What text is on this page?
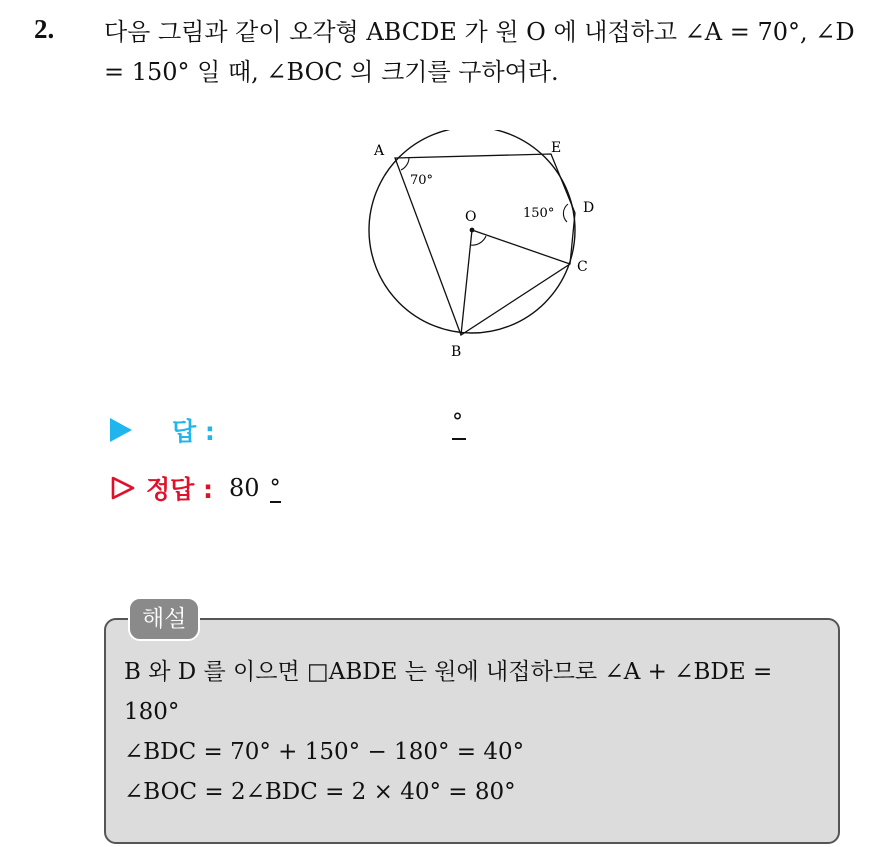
2. 다음 그림과 같이 오각형 ABCDE 가 원 O 에 내접하고 ∠A = 70°, ∠D = 150° 일 때, ∠BOC 의 크기를 구하여라.
A	E
D
C
B
O
70°
150°
답 :	°
정답 : 80 °
해설
B 와 D 를 이으면 □ABDE 는 원에 내접하므로 ∠A + ∠BDE =
180°
∠BDC = 70° + 150° − 180° = 40°
∠BOC = 2∠BDC = 2 × 40° = 80°
